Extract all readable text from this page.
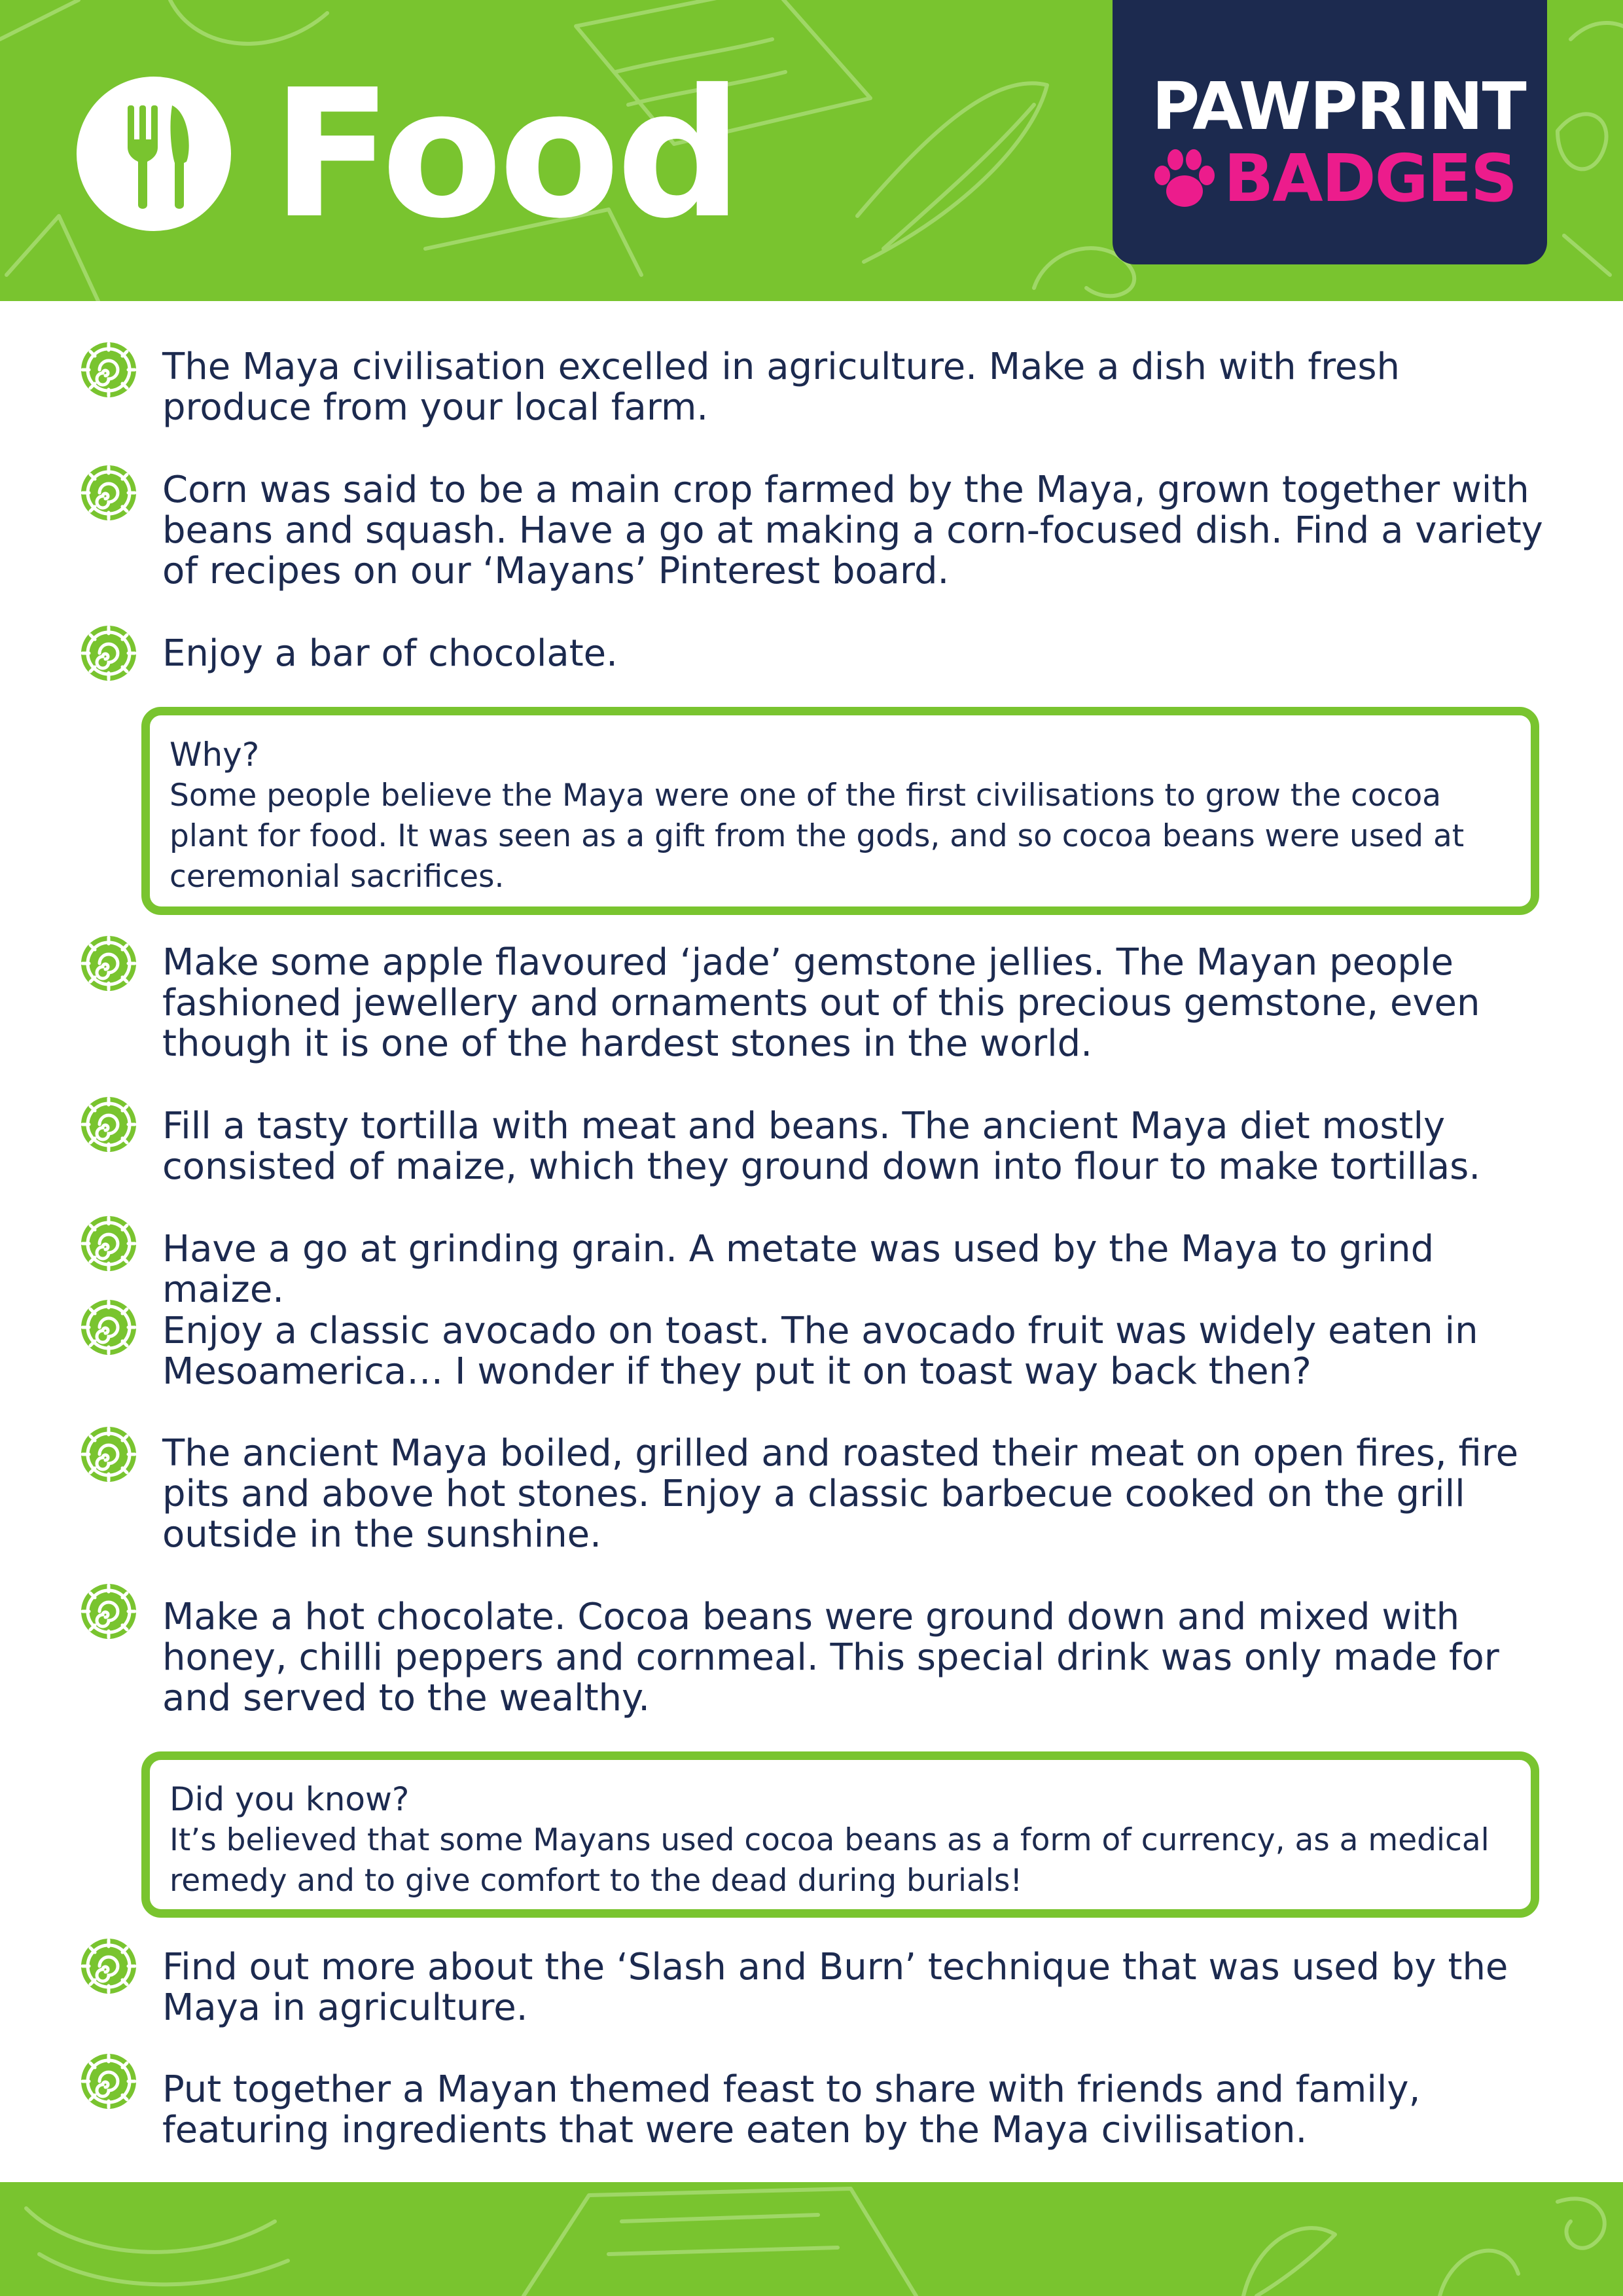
Food	PAWPRINT
BADGES
The Maya civilisation excelled in agriculture. Make a dish with fresh produce from your local farm.
Corn was said to be a main crop farmed by the Maya, grown together with beans and squash. Have a go at making a corn-focused dish. Find a variety of recipes on our ‘Mayans’ Pinterest board.
Enjoy a bar of chocolate.
Why?
Some people believe the Maya were one of the first civilisations to grow the cocoa plant for food. It was seen as a gift from the gods, and so cocoa beans were used at ceremonial sacrifices.
Make some apple flavoured ‘jade’ gemstone jellies. The Mayan people fashioned jewellery and ornaments out of this precious gemstone, even though it is one of the hardest stones in the world.
Fill a tasty tortilla with meat and beans. The ancient Maya diet mostly consisted of maize, which they ground down into flour to make tortillas.
Have a go at grinding grain. A metate was used by the Maya to grind maize.
Enjoy a classic avocado on toast. The avocado fruit was widely eaten in Mesoamerica… I wonder if they put it on toast way back then?
The ancient Maya boiled, grilled and roasted their meat on open fires, fire pits and above hot stones. Enjoy a classic barbecue cooked on the grill outside in the sunshine.
Make a hot chocolate. Cocoa beans were ground down and mixed with honey, chilli peppers and cornmeal. This special drink was only made for and served to the wealthy.
Did you know?
It’s believed that some Mayans used cocoa beans as a form of currency, as a medical remedy and to give comfort to the dead during burials!
Find out more about the ‘Slash and Burn’ technique that was used by the Maya in agriculture.
Put together a Mayan themed feast to share with friends and family, featuring ingredients that were eaten by the Maya civilisation.
